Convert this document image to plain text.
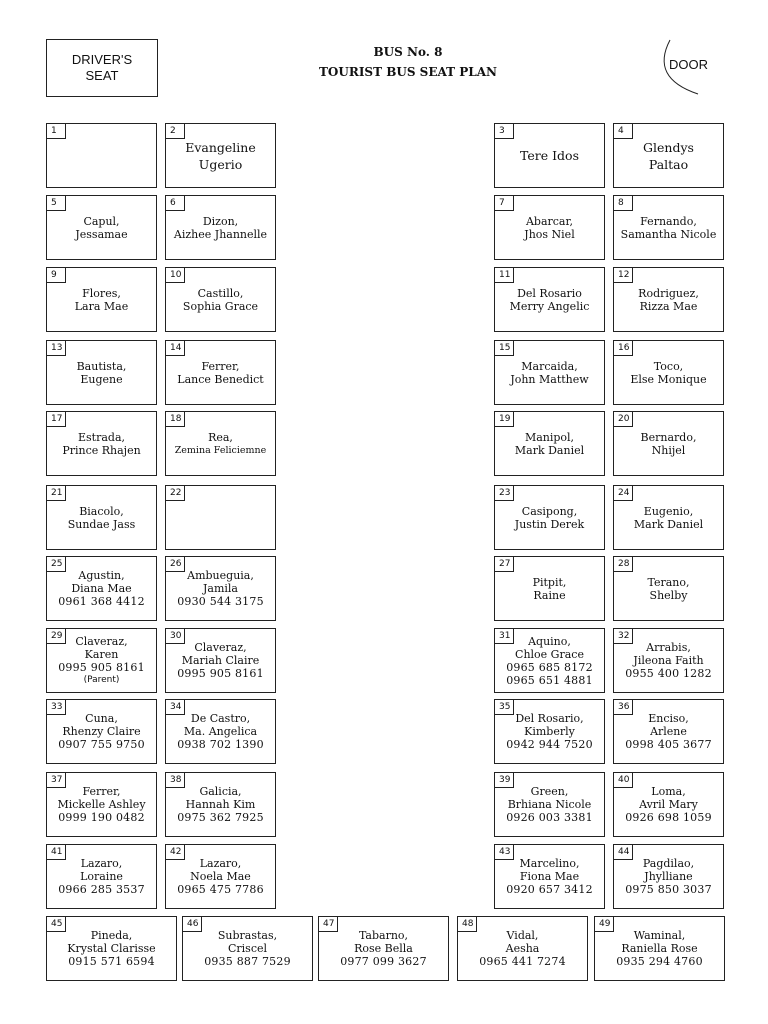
DRIVER'S
SEAT
BUS No. 8
TOURIST BUS SEAT PLAN	DOOR
1	2
Evangeline
Ugerio
3
Tere Idos
4
Glendys
Paltao
5
Capul,
Jessamae
6
Dizon,
Aizhee Jhannelle
7
Abarcar,
Jhos Niel
8
Fernando,
Samantha Nicole
9
Flores,
Lara Mae
10
Castillo,
Sophia Grace
11
Del Rosario
Merry Angelic
12
Rodriguez,
Rizza Mae
13
Bautista,
Eugene
14
Ferrer,
Lance Benedict
15
Marcaida,
John Matthew
16
Toco,
Else Monique
17
Estrada,
Prince Rhajen
18
Rea,
Zemina Feliciemne
19
Manipol,
Mark Daniel
20
Bernardo,
Nhijel
21
Biacolo,
Sundae Jass
22	23
Casipong,
Justin Derek
24
Eugenio,
Mark Daniel
25
Agustin,
Diana Mae
0961 368 4412
26
Ambueguia,
Jamila
0930 544 3175
27
Pitpit,
Raine
28
Terano,
Shelby
29	Claveraz,
Karen
0995 905 8161
(Parent)
30
Claveraz,
Mariah Claire
0995 905 8161
31	Aquino,
Chloe Grace
0965 685 8172
0965 651 4881
32
Arrabis,
Jileona Faith
0955 400 1282
33
Cuna,
Rhenzy Claire
0907 755 9750
34
De Castro,
Ma. Angelica
0938 702 1390
35
Del Rosario,
Kimberly
0942 944 7520
36
Enciso,
Arlene
0998 405 3677
37
Ferrer,
Mickelle Ashley
0999 190 0482
38
Galicia,
Hannah Kim
0975 362 7925
39
Green,
Brhiana Nicole
0926 003 3381
40
Loma,
Avril Mary
0926 698 1059
41
Lazaro,
Loraine
0966 285 3537
42
Lazaro,
Noela Mae
0965 475 7786
43
Marcelino,
Fiona Mae
0920 657 3412
44
Pagdilao,
Jhylliane
0975 850 3037
45
Pineda,
Krystal Clarisse
0915 571 6594
46
Subrastas,
Criscel
0935 887 7529
47
Tabarno,
Rose Bella
0977 099 3627
48
Vidal,
Aesha
0965 441 7274
49
Waminal,
Raniella Rose
0935 294 4760
